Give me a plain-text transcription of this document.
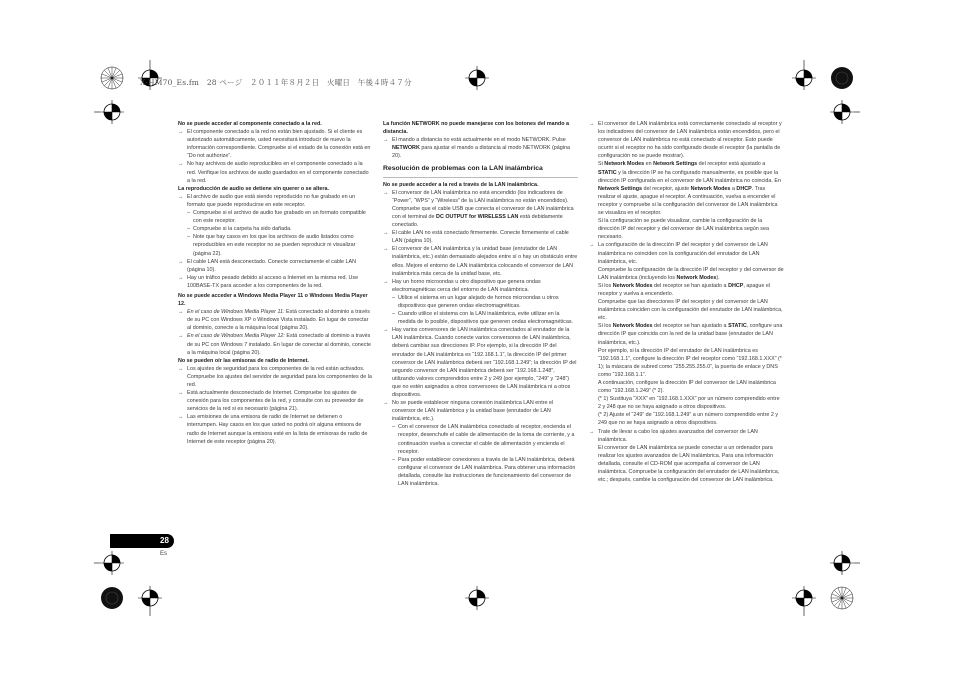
X-HM70_Es.fm　28 ページ　２０１１年８月２日　火曜日　午後４時４７分
No se puede acceder al componente conectado a la red.
→ El componente conectado a la red no están bien ajustado. Si el cliente es autorizado automáticamente, usted necesitará introducir de nuevo la información correspondiente. Compruebe si el estado de la conexión está en “Do not authorize”.
→ No hay archivos de audio reproducibles en el componente conectado a la red. Verifique los archivos de audio guardados en el componente conectado a la red.
La reproducción de audio se detiene sin querer o se altera.
→ El archivo de audio que está siendo reproducido no fue grabado en un formato que puede reproducirse en este receptor.
– Compruebe si el archivo de audio fue grabado en un formato compatible con este receptor.
– Compruebe si la carpeta ha sido dañada.
– Note que hay casos en los que los archivos de audio listados como reproducibles en este receptor no se pueden reproducir ni visualizar (página 22).
→ El cable LAN está desconectado. Conecte correctamente el cable LAN (página 10).
→ Hay un tráfico pesado debido al acceso a Internet en la misma red. Use 100BASE-TX para acceder a los componentes de la red.
No se puede acceder a Windows Media Player 11 o Windows Media Player 12.
→ En el caso de Windows Media Player 11: Está conectado al dominio a través de su PC con Windows XP o Windows Vista instalado. En lugar de conectar al dominio, conecte a la máquina local (página 20).
→ En el caso de Windows Media Player 12: Está conectado al dominio a través de su PC con Windows 7 instalado. En lugar de conectar al dominio, conecte a la máquina local (página 20).
No se pueden oír las emisoras de radio de Internet.
→ Los ajustes de seguridad para los componentes de la red están activados. Compruebe los ajustes del servidor de seguridad para los componentes de la red.
→ Está actualmente desconectado de Internet. Compruebe los ajustes de conexión para los componentes de la red, y consulte con su proveedor de servicios de la red si es necesario (página 21).
→ Las emisiones de una emisora de radio de Internet se detienen o interrumpen. Hay casos en los que usted no podrá oír alguna emisora de radio de Internet aunque la emisora esté en la lista de emisoras de radio de Internet de este receptor (página 20).
La función NETWORK no puede manejarse con los botones del mando a distancia.
→ El mando a distancia no está actualmente en el modo NETWORK. Pulse NETWORK para ajustar el mando a distancia al modo NETWORK (página 20).
Resolución de problemas con la LAN inalámbrica
No se puede acceder a la red a través de la LAN inalámbrica.
→ El conversor de LAN inalámbrica no está encendido (los indicadores de “Power”, “WPS” y “Wireless” de la LAN inalámbrica no están encendidos). Compruebe que el cable USB que conecta el conversor de LAN inalámbrica con el terminal de DC OUTPUT for WIRELESS LAN está debidamente conectado.
→ El cable LAN no está conectado firmemente. Conecte firmemente el cable LAN (página 10).
→ El conversor de LAN inalámbrica y la unidad base (enrutador de LAN inalámbrica, etc.) están demasiado alejados entre sí o hay un obstáculo entre ellos. Mejore el entorno de LAN inalámbrica colocando el conversor de LAN inalámbrica más cerca de la unidad base, etc.
→ Hay un horno microondas u otro dispositivo que genera ondas electromagnéticas cerca del entorno de LAN inalámbrica.
– Utilice el sistema en un lugar alejado de hornos microondas u otros dispositivos que generen ondas electromagnéticas.
– Cuando utilice el sistema con la LAN inalámbrica, evite utilizar en la medida de lo posible, dispositivos que generen ondas electromagnéticas.
→ Hay varios conversores de LAN inalámbrica conectados al enrutador de la LAN inalámbrica. Cuando conecte varios conversores de LAN inalámbrica, deberá cambiar sus direcciones IP. Por ejemplo, si la dirección IP del enrutador de LAN inalámbrica es “192.168.1.1”, la dirección IP del primer conversor de LAN inalámbrica deberá ser “192.168.1.249”; la dirección IP del segundo conversor de LAN inalámbrica deberá ser “192.168.1.248”, utilizando valores comprendidos entre 2 y 249 (por ejemplo, “249” y “248”) que no estén asignados a otros conversores de LAN inalámbrica ni a otros dispositivos.
→ No se puede establecer ninguna conexión inalámbrica LAN entre el conversor de LAN inalámbrica y la unidad base (enrutador de LAN inalámbrica, etc.).
– Con el conversor de LAN inalámbrica conectado al receptor, encienda el receptor, desenchufe el cable de alimentación de la toma de corriente, y a continuación vuelva a conectar el cable de alimentación y encienda el receptor.
– Para poder establecer conexiones a través de la LAN inalámbrica, deberá configurar el conversor de LAN inalámbrica. Para obtener una información detallada, consulte las instrucciones de funcionamiento del conversor de LAN inalámbrica.
→ El conversor de LAN inalámbrica está correctamente conectado al receptor y los indicadores del conversor de LAN inalámbrica están encendidos, pero el conversor de LAN inalámbrica no está conectado al receptor. Esto puede ocurrir si el receptor no ha sido configurado desde el receptor (la pantalla de configuración no se puede mostrar).
Si Network Modes en Network Settings del receptor está ajustado a STATIC y la dirección IP se ha configurado manualmente, es posible que la dirección IP configurada en el conversor de LAN inalámbrica no coincida. En Network Settings del receptor, ajuste Network Modes a DHCP. Tras realizar el ajuste, apague el receptor. A continuación, vuelva a encender el receptor y compruebe si la configuración del conversor de LAN inalámbrica se visualiza en el receptor.
Si la configuración se puede visualizar, cambie la configuración de la dirección IP del receptor y del conversor de LAN inalámbrica según sea necesario.
→ La configuración de la dirección IP del receptor y del conversor de LAN inalámbrica no coinciden con la configuración del enrutador de LAN inalámbrica, etc.
Compruebe la configuración de la dirección IP del receptor y del conversor de LAN inalámbrica (incluyendo los Network Modes).
Si los Network Modes del receptor se han ajustado a DHCP, apague el receptor y vuelva a encenderlo.
Compruebe que las direcciones IP del receptor y del conversor de LAN inalámbrica coinciden con la configuración del enrutador de LAN inalámbrica, etc.
Si los Network Modes del receptor se han ajustado a STATIC, configure una dirección IP que coincida con la red de la unidad base (enrutador de LAN inalámbrica, etc.).
Por ejemplo, si la dirección IP del enrutador de LAN inalámbrica es “192.168.1.1”, configure la dirección IP del receptor como “192.168.1.XXX” (* 1); la máscara de subred como “255.255.255.0”, la puerta de enlace y DNS como “192.168.1.1”.
A continuación, configure la dirección IP del conversor de LAN inalámbrica como “192.168.1.249” (* 2).
(* 1) Sustituya “XXX” en “192.168.1.XXX” por un número comprendido entre 2 y 248 que no se haya asignado a otros dispositivos.
(* 2) Ajuste el “249” de “192.168.1.249” a un número comprendido entre 2 y 249 que no se haya asignado a otros dispositivos.
→ Trate de llevar a cabo los ajustes avanzados del conversor de LAN inalámbrica.
El conversor de LAN inalámbrica se puede conectar a un ordenador para realizar los ajustes avanzados de LAN inalámbrica. Para una información detallada, consulte el CD-ROM que acompaña al conversor de LAN inalámbrica. Compruebe la configuración del enrutador de LAN inalámbrica, etc.; después, cambie la configuración del conversor de LAN inalámbrica.
28
Es
